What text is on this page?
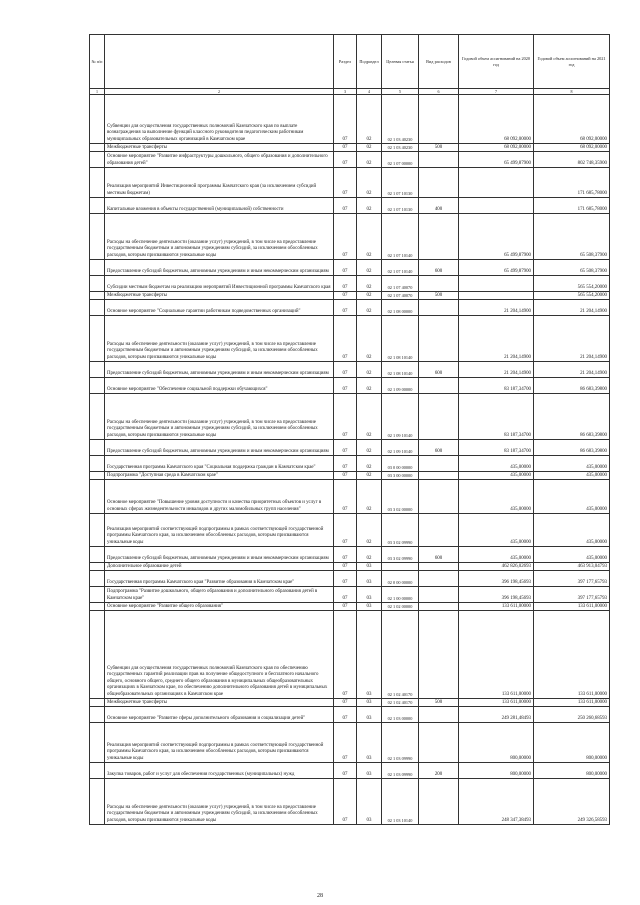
№ п/п		Раздел	Подраздел	Целевая статья	Вид расходов	Годовой объем ассигнований на 2020 год	Годовой объем ассигнований на 2021 год
1	2	3	4	5	6	7	8
	Субвенции для осуществления государственных полномочий Камчатского края по выплате вознаграждения за выполнение функций классного руководителя педагогическим работникам муниципальных образовательных организаций в Камчатском крае	07	02	02 1 03 40230		68 092,00000	68 092,00000
	Межбюджетные трансферты	07	02	02 1 03 40230	500	68 092,00000	68 092,00000
	Основное мероприятие "Развитие инфраструктуры дошкольного, общего образования и дополнительного образования детей"	07	02	02 1 07 00000		65 499,87900	802 748,35900
	Реализация мероприятий Инвестиционной программы Камчатского края (за исключением субсидий местным бюджетам)	07	02	02 1 07 10130			171 685,78000
	Капитальные вложения в объекты государственной (муниципальной) собственности	07	02	02 1 07 10130	400		171 685,78000
	Расходы на обеспечение деятельности (оказание услуг) учреждений, в том числе на предоставление государственным бюджетным и автономным учреждениям субсидий, за исключением обособленных расходов, которым присваиваются уникальные коды	07	02	02 1 07 10140		65 499,87900	65 508,37900
	Предоставление субсидий бюджетным, автономным учреждениям и иным некоммерческим организациям	07	02	02 1 07 10140	600	65 499,87900	65 508,37900
	Субсидии местным бюджетам на реализацию мероприятий Инвестиционной программы Камчатского края	07	02	02 1 07 40070			565 554,20000
	Межбюджетные трансферты	07	02	02 1 07 40070	500		565 554,20000
	Основное мероприятие "Социальные гарантии работникам подведомственных организаций"	07	02	02 1 08 00000		21 204,14900	21 204,14900
	Расходы на обеспечение деятельности (оказание услуг) учреждений, в том числе на предоставление государственным бюджетным и автономным учреждениям субсидий, за исключением обособленных расходов, которым присваиваются уникальные коды	07	02	02 1 08 10140		21 204,14900	21 204,14900
	Предоставление субсидий бюджетным, автономным учреждениям и иным некоммерческим организациям	07	02	02 1 08 10140	600	21 204,14900	21 204,14900
	Основное мероприятие "Обеспечение социальной поддержки обучающихся"	07	02	02 1 09 00000		83 187,34700	86 683,39800
	Расходы на обеспечение деятельности (оказание услуг) учреждений, в том числе на предоставление государственным бюджетным и автономным учреждениям субсидий, за исключением обособленных расходов, которым присваиваются уникальные коды	07	02	02 1 09 10140		83 187,34700	86 683,39800
	Предоставление субсидий бюджетным, автономным учреждениям и иным некоммерческим организациям	07	02	02 1 09 10140	600	83 187,34700	86 683,39800
	Государственная программа Камчатского края "Социальная поддержка граждан в Камчатском крае"	07	02	03 0 00 00000		435,00000	435,00000
	Подпрограмма "Доступная среда в Камчатском крае"	07	02	03 3 00 00000		435,00000	435,00000
	Основное мероприятие "Повышение уровня доступности и качества приоритетных объектов и услуг в основных сферах жизнедеятельности инвалидов и других маломобильных групп населения"	07	02	03 3 02 00000		435,00000	435,00000
	Реализация мероприятий соответствующей подпрограммы в рамках соответствующей государственной программы Камчатского края, за исключением обособленных расходов, которым присваиваются уникальные коды	07	02	03 3 02 09990		435,00000	435,00000
	Предоставление субсидий бюджетным, автономным учреждениям и иным некоммерческим организациям	07	02	03 3 02 09990	600	435,00000	435,00000
	Дополнительное образование детей	07	03			462 826,02693	463 913,04793
	Государственная программа Камчатского края "Развитие образования в Камчатском крае"	07	03	02 0 00 00000		396 198,45693	397 177,65793
	Подпрограмма "Развитие дошкольного, общего образования и дополнительного образования детей в Камчатском крае"	07	03	02 1 00 00000		396 198,45693	397 177,65793
	Основное мероприятие "Развитие общего образования"	07	03	02 1 02 00000		133 611,00000	133 611,00000
	Субвенции для осуществления государственных полномочий Камчатского края по обеспечению государственных гарантий реализации прав на получение общедоступного и бесплатного начального общего, основного общего, среднего общего образования в муниципальных общеобразовательных организациях в Камчатском крае, по обеспечению дополнительного образования детей в муниципальных общеобразовательных организациях в Камчатском крае	07	03	02 1 02 40170		133 611,00000	133 611,00000
	Межбюджетные трансферты	07	03	02 1 02 40170	500	133 611,00000	133 611,00000
	Основное мероприятие "Развитие сферы дополнительного образования и социализации детей"	07	03	02 1 03 00000		249 281,48493	250 260,68593
	Реализация мероприятий соответствующей подпрограммы в рамках соответствующей государственной программы Камчатского края, за исключением обособленных расходов, которым присваиваются уникальные коды	07	03	02 1 03 09990		800,00000	800,00000
	Закупка товаров, работ и услуг для обеспечения государственных (муниципальных) нужд	07	03	02 1 03 09990	200	800,00000	800,00000
	Расходы на обеспечение деятельности (оказание услуг) учреждений, в том числе на предоставление государственным бюджетным и автономным учреждениям субсидий, за исключением обособленных расходов, которым присваиваются уникальные коды	07	03	02 1 03 10140		248 347,38493	249 326,58593
28
